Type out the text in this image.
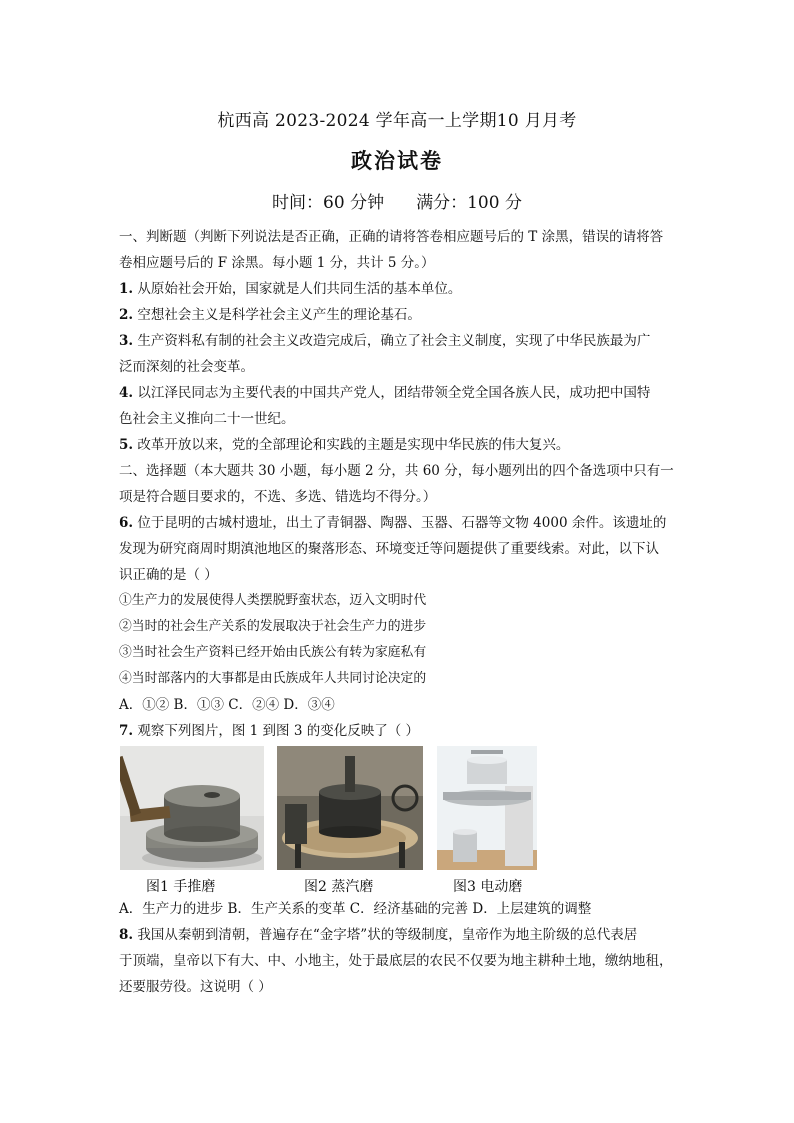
杭西高 2023-2024 学年高一上学期10 月月考
政治试卷
时间：60 分钟 满分：100 分
一、判断题（判断下列说法是否正确，正确的请将答卷相应题号后的 T 涂黑，错误的请将答
卷相应题号后的 F 涂黑。每小题 1 分，共计 5 分。）
1. 从原始社会开始，国家就是人们共同生活的基本单位。
2. 空想社会主义是科学社会主义产生的理论基石。
3. 生产资料私有制的社会主义改造完成后，确立了社会主义制度，实现了中华民族最为广
泛而深刻的社会变革。
4. 以江泽民同志为主要代表的中国共产党人，团结带领全党全国各族人民，成功把中国特
色社会主义推向二十一世纪。
5. 改革开放以来，党的全部理论和实践的主题是实现中华民族的伟大复兴。
二、选择题（本大题共 30 小题，每小题 2 分，共 60 分，每小题列出的四个备选项中只有一
项是符合题目要求的，不选、多选、错选均不得分。）
6. 位于昆明的古城村遗址，出土了青铜器、陶器、玉器、石器等文物 4000 余件。该遗址的
发现为研究商周时期滇池地区的聚落形态、环境变迁等问题提供了重要线索。对此，以下认
识正确的是（ ）
①生产力的发展使得人类摆脱野蛮状态，迈入文明时代
②当时的社会生产关系的发展取决于社会生产力的进步
③当时社会生产资料已经开始由氏族公有转为家庭私有
④当时部落内的大事都是由氏族成年人共同讨论决定的
A．①② B．①③ C．②④ D．③④
7. 观察下列图片，图 1 到图 3 的变化反映了（ ）
图1 手推磨	图2 蒸汽磨	图3 电动磨
A．生产力的进步 B．生产关系的变革 C．经济基础的完善 D．上层建筑的调整
8. 我国从秦朝到清朝，普遍存在“金字塔”状的等级制度，皇帝作为地主阶级的总代表居
于顶端，皇帝以下有大、中、小地主，处于最底层的农民不仅要为地主耕种土地，缴纳地租，
还要服劳役。这说明（ ）
